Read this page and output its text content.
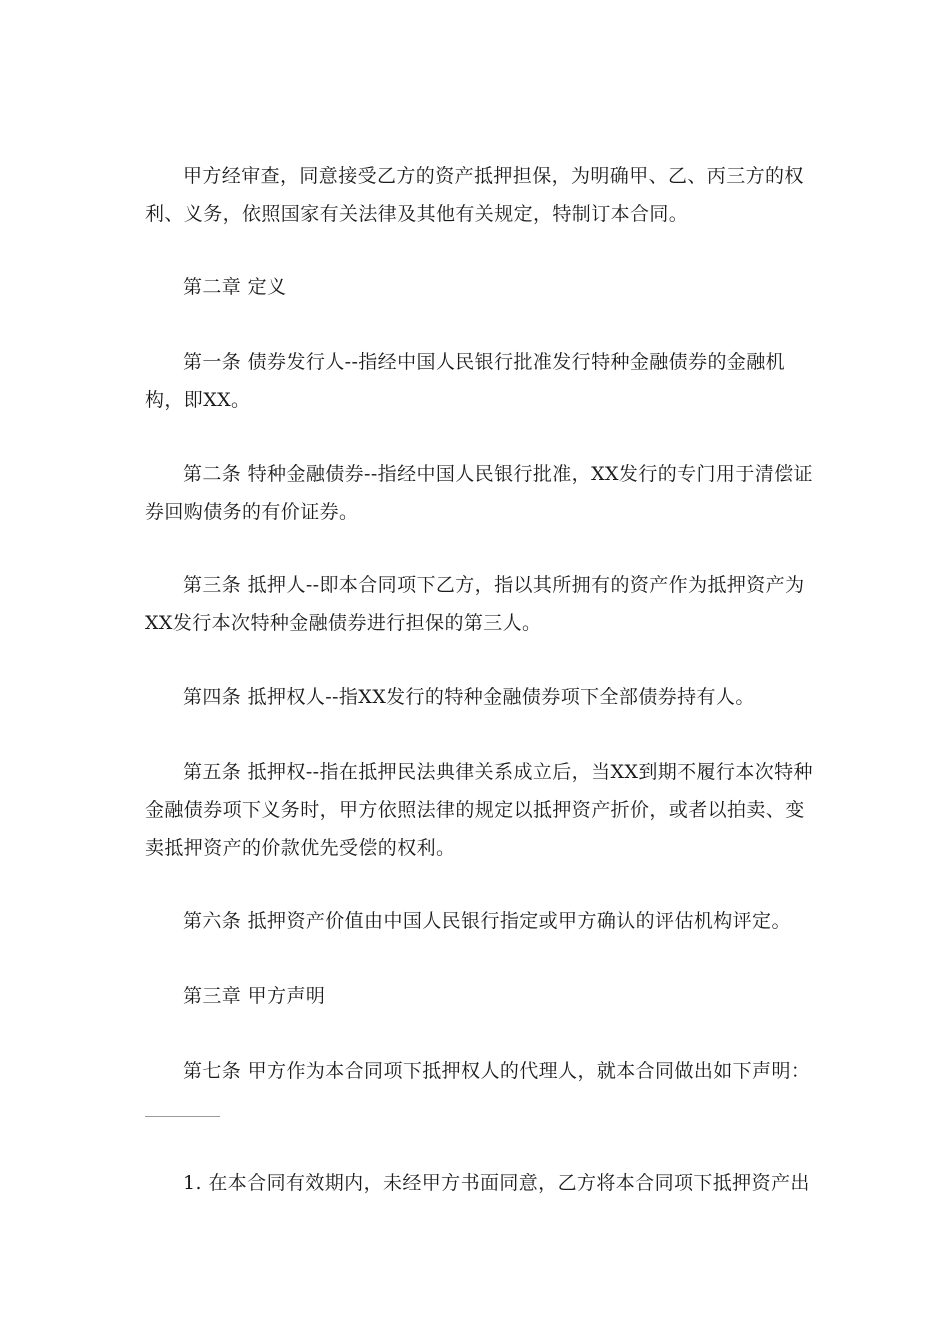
甲方经审查，同意接受乙方的资产抵押担保，为明确甲、乙、丙三方的权利、义务，依照国家有关法律及其他有关规定，特制订本合同。

第二章 定义

第一条 债券发行人--指经中国人民银行批准发行特种金融债券的金融机构，即XX。

第二条 特种金融债券--指经中国人民银行批准，XX发行的专门用于清偿证券回购债务的有价证券。

第三条 抵押人--即本合同项下乙方，指以其所拥有的资产作为抵押资产为XX发行本次特种金融债券进行担保的第三人。

第四条 抵押权人--指XX发行的特种金融债券项下全部债券持有人。

第五条 抵押权--指在抵押民法典律关系成立后，当XX到期不履行本次特种金融债券项下义务时，甲方依照法律的规定以抵押资产折价，或者以拍卖、变卖抵押资产的价款优先受偿的权利。

第六条 抵押资产价值由中国人民银行指定或甲方确认的评估机构评定。

第三章 甲方声明

第七条 甲方作为本合同项下抵押权人的代理人，就本合同做出如下声明：

1. 在本合同有效期内，未经甲方书面同意，乙方将本合同项下抵押资产出
